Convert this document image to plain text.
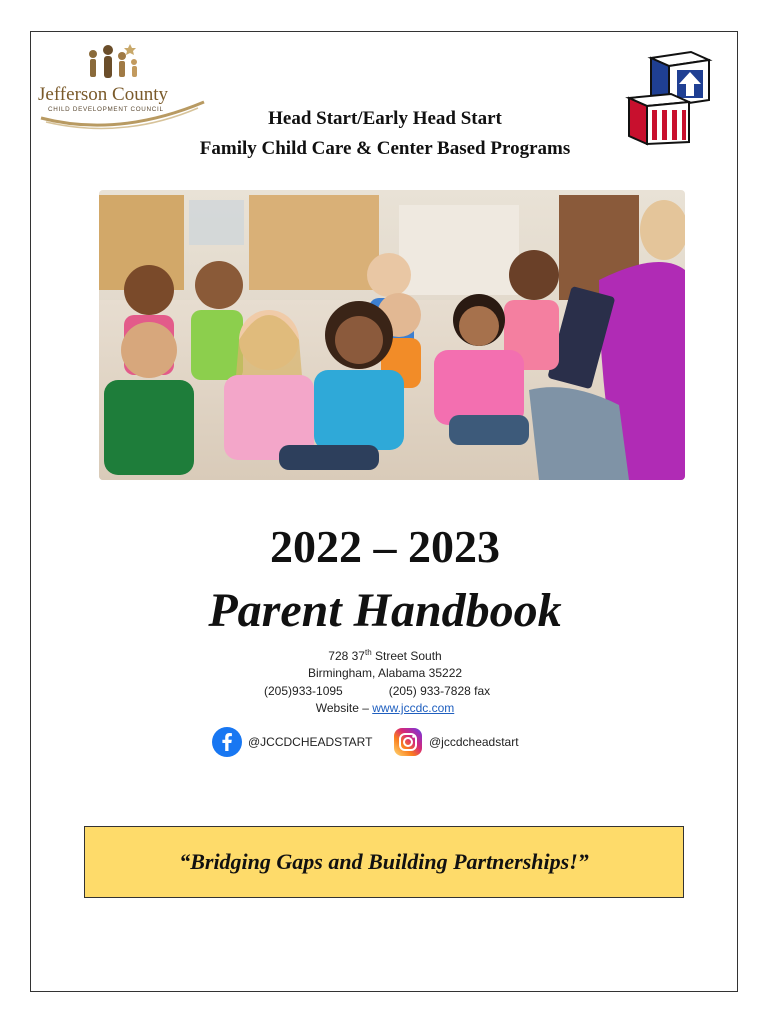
Jefferson County
CHILD DEVELOPMENT COUNCIL	Head Start/Early Head Start
Family Child Care & Center Based Programs
2022 – 2023
Parent Handbook
728 37th Street South
Birmingham, Alabama 35222
(205)933-1095	(205) 933-7828 fax
Website – www.jccdc.com
@JCCDCHEADSTART	@jccdcheadstart
“Bridging Gaps and Building Partnerships!”
